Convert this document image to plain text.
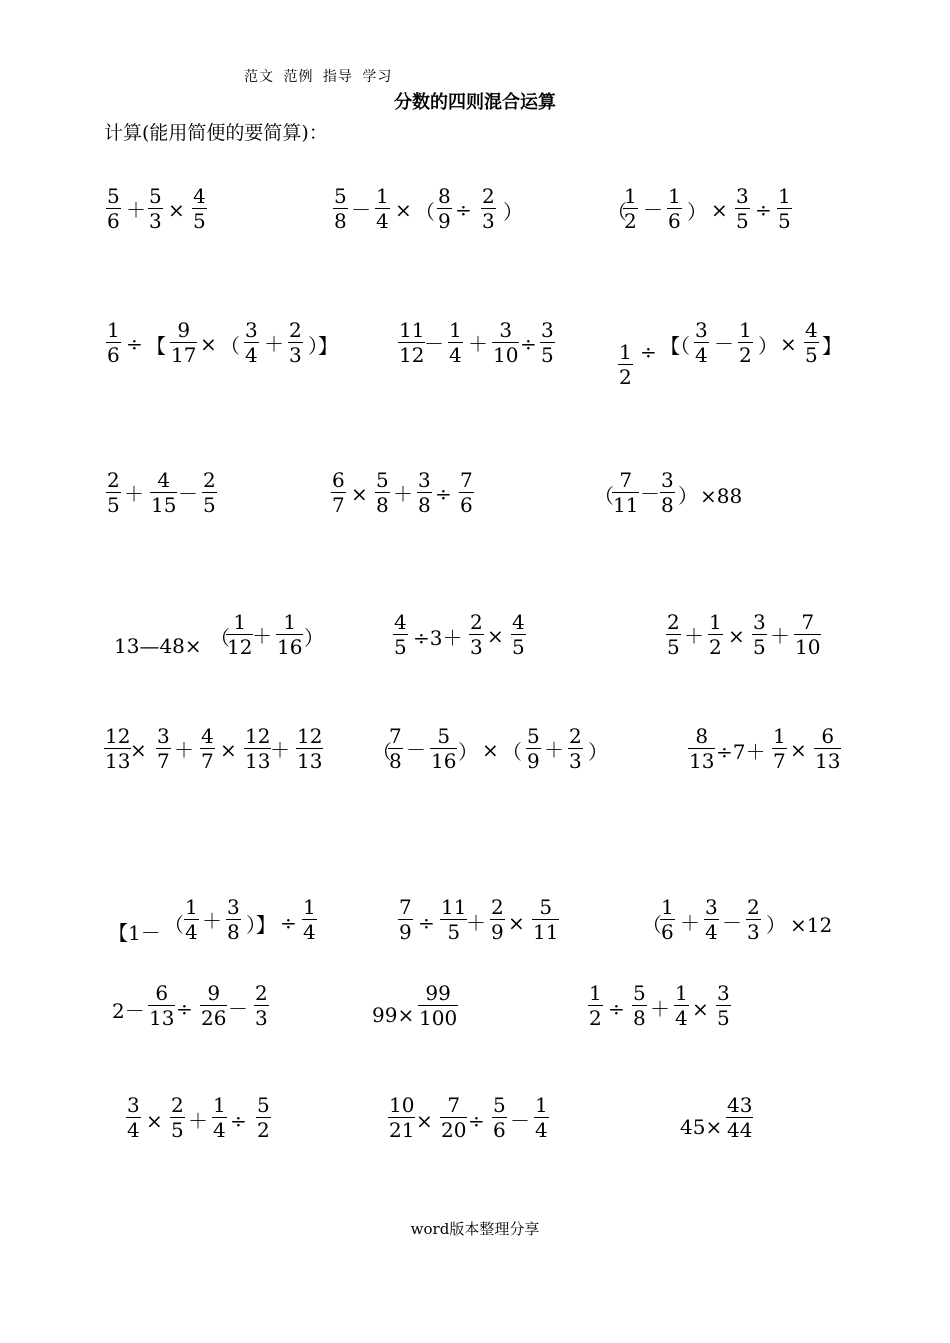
范文 范例 指导 学习
分数的四则混合运算
计算(能用简便的要简算)：
5
6 ＋
5
3 ×
4
5
5
8 －
1
4 × （
8
9 ÷
2
3 ）	（
1
2 －
1
6 ） ×
3
5 ÷
1
5
1
6 ÷ 【
9
17 × （
3
4 ＋
2
3 ）】
11
12 －
1
4 ＋
3
10 ÷
3
5	1
2
÷ 【（
3
4 －
1
2 ） ×
4
5 】
2
5 ＋
4
15 －
2
5
6
7 ×
5
8 ＋
3
8 ÷
7
6	（
7
11 －
3
8 ） ×88
13—48× （
1
12 ＋
1
16 ）
4
5 ÷3＋
2
3 ×
4
5
2
5 ＋
1
2 ×
3
5 ＋
7
10
12
13 ×
3
7 ＋
4
7 ×
12
13 ＋
12
13 （
7
8 －
5
16 ） × （
5
9 ＋
2
3 ）
8
13 ÷7＋
1
7 ×
6
13
【1－ （
1
4 ＋
3
8 ）】 ÷
1
4
7
9 ÷
11
5 ＋
2
9 ×
5
11	（
1
6 ＋
3
4 －
2
3 ） ×12
2－
6
13 ÷
9
26 －
2
3	99×
99
100
1
2 ÷
5
8 ＋
1
4 ×
3
5
3
4 ×
2
5 ＋
1
4 ÷
5
2
10
21 ×
7
20 ÷
5
6 －
1
4	45×
43
44
word版本整理分享
